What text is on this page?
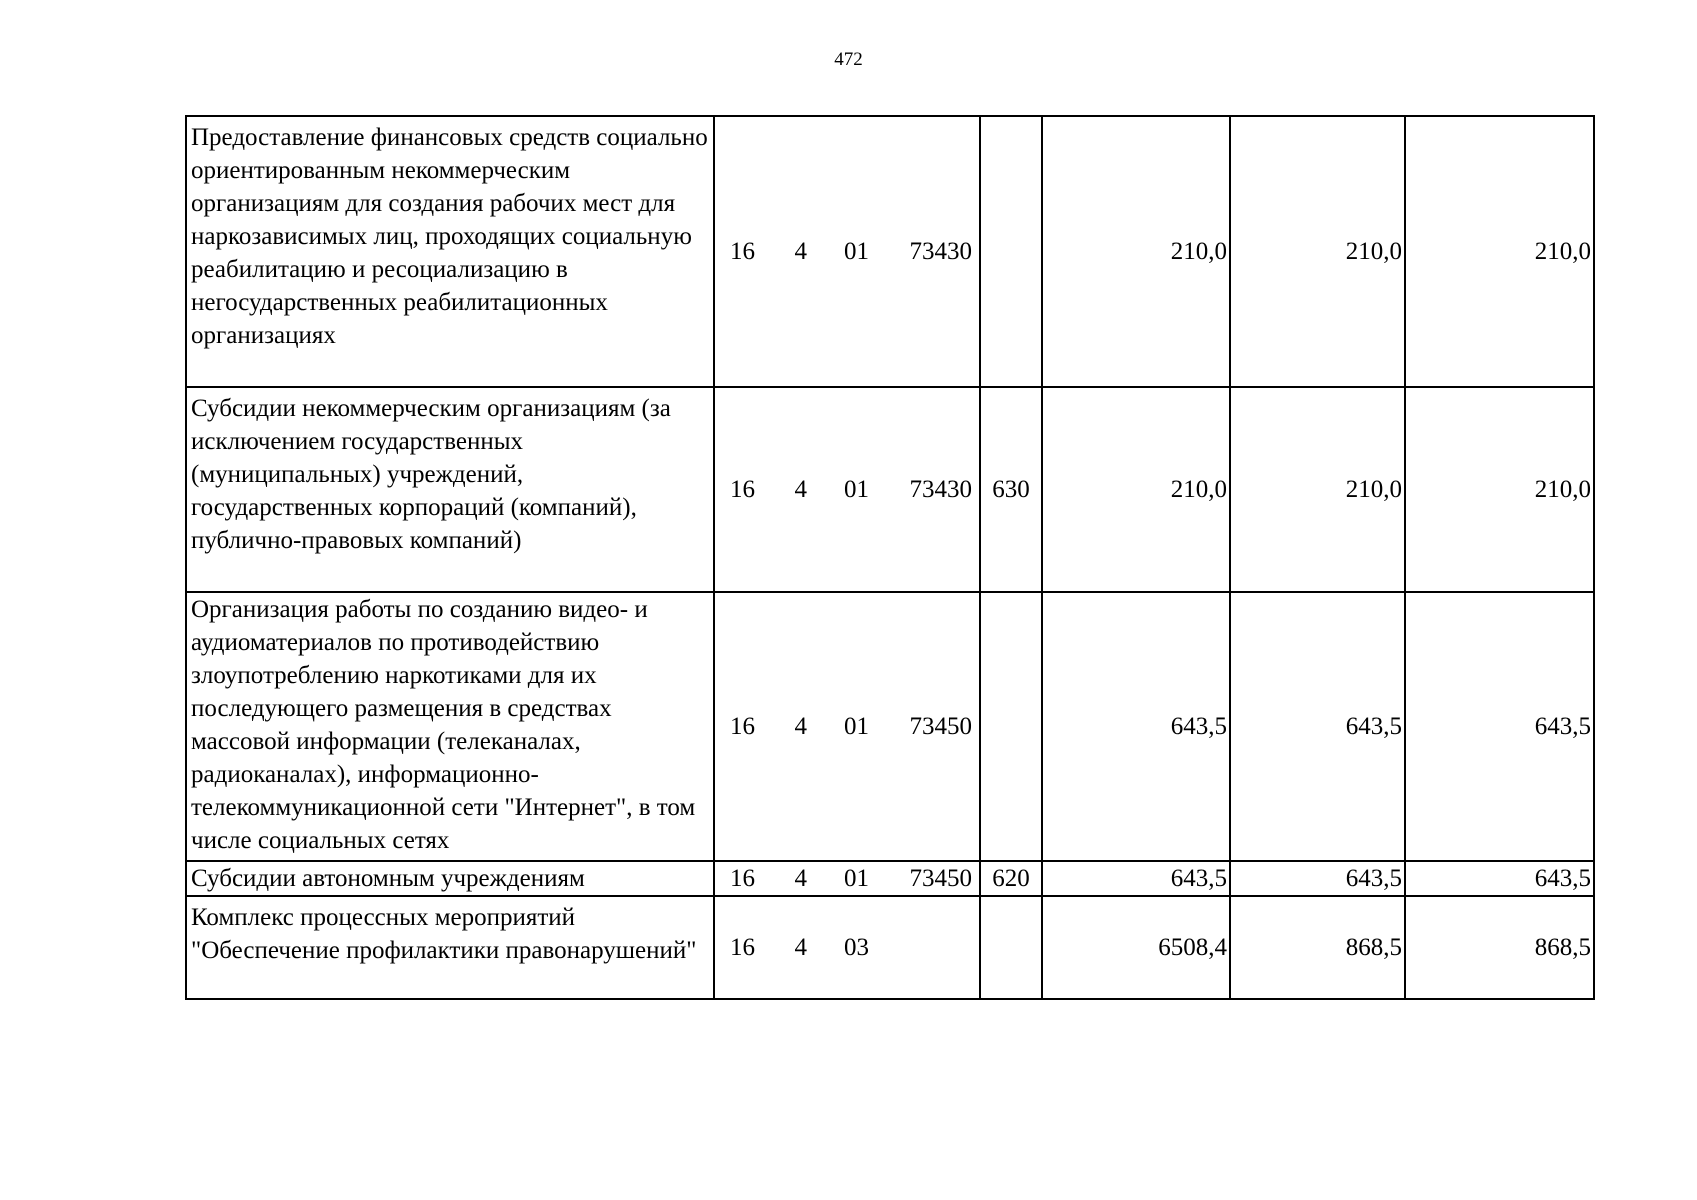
472
Предоставление финансовых средств социально ориентированным некоммерческим организациям для создания рабочих мест для наркозависимых лиц, проходящих социальную реабилитацию и ресоциализацию в негосударственных реабилитационных организациях	16 4 01 73430		210,0	210,0	210,0
Субсидии некоммерческим организациям (за исключением государственных (муниципальных) учреждений, государственных корпораций (компаний), публично-правовых компаний)	16 4 01 73430	630	210,0	210,0	210,0
Организация работы по созданию видео- и аудиоматериалов по противодействию злоупотреблению наркотиками для их последующего размещения в средствах массовой информации (телеканалах, радиоканалах), информационно-телекоммуникационной сети "Интернет", в том числе социальных сетях	16 4 01 73450		643,5	643,5	643,5
Субсидии автономным учреждениям	16 4 01 73450	620	643,5	643,5	643,5
Комплекс процессных мероприятий "Обеспечение профилактики правонарушений"	16 4 03		6508,4	868,5	868,5
